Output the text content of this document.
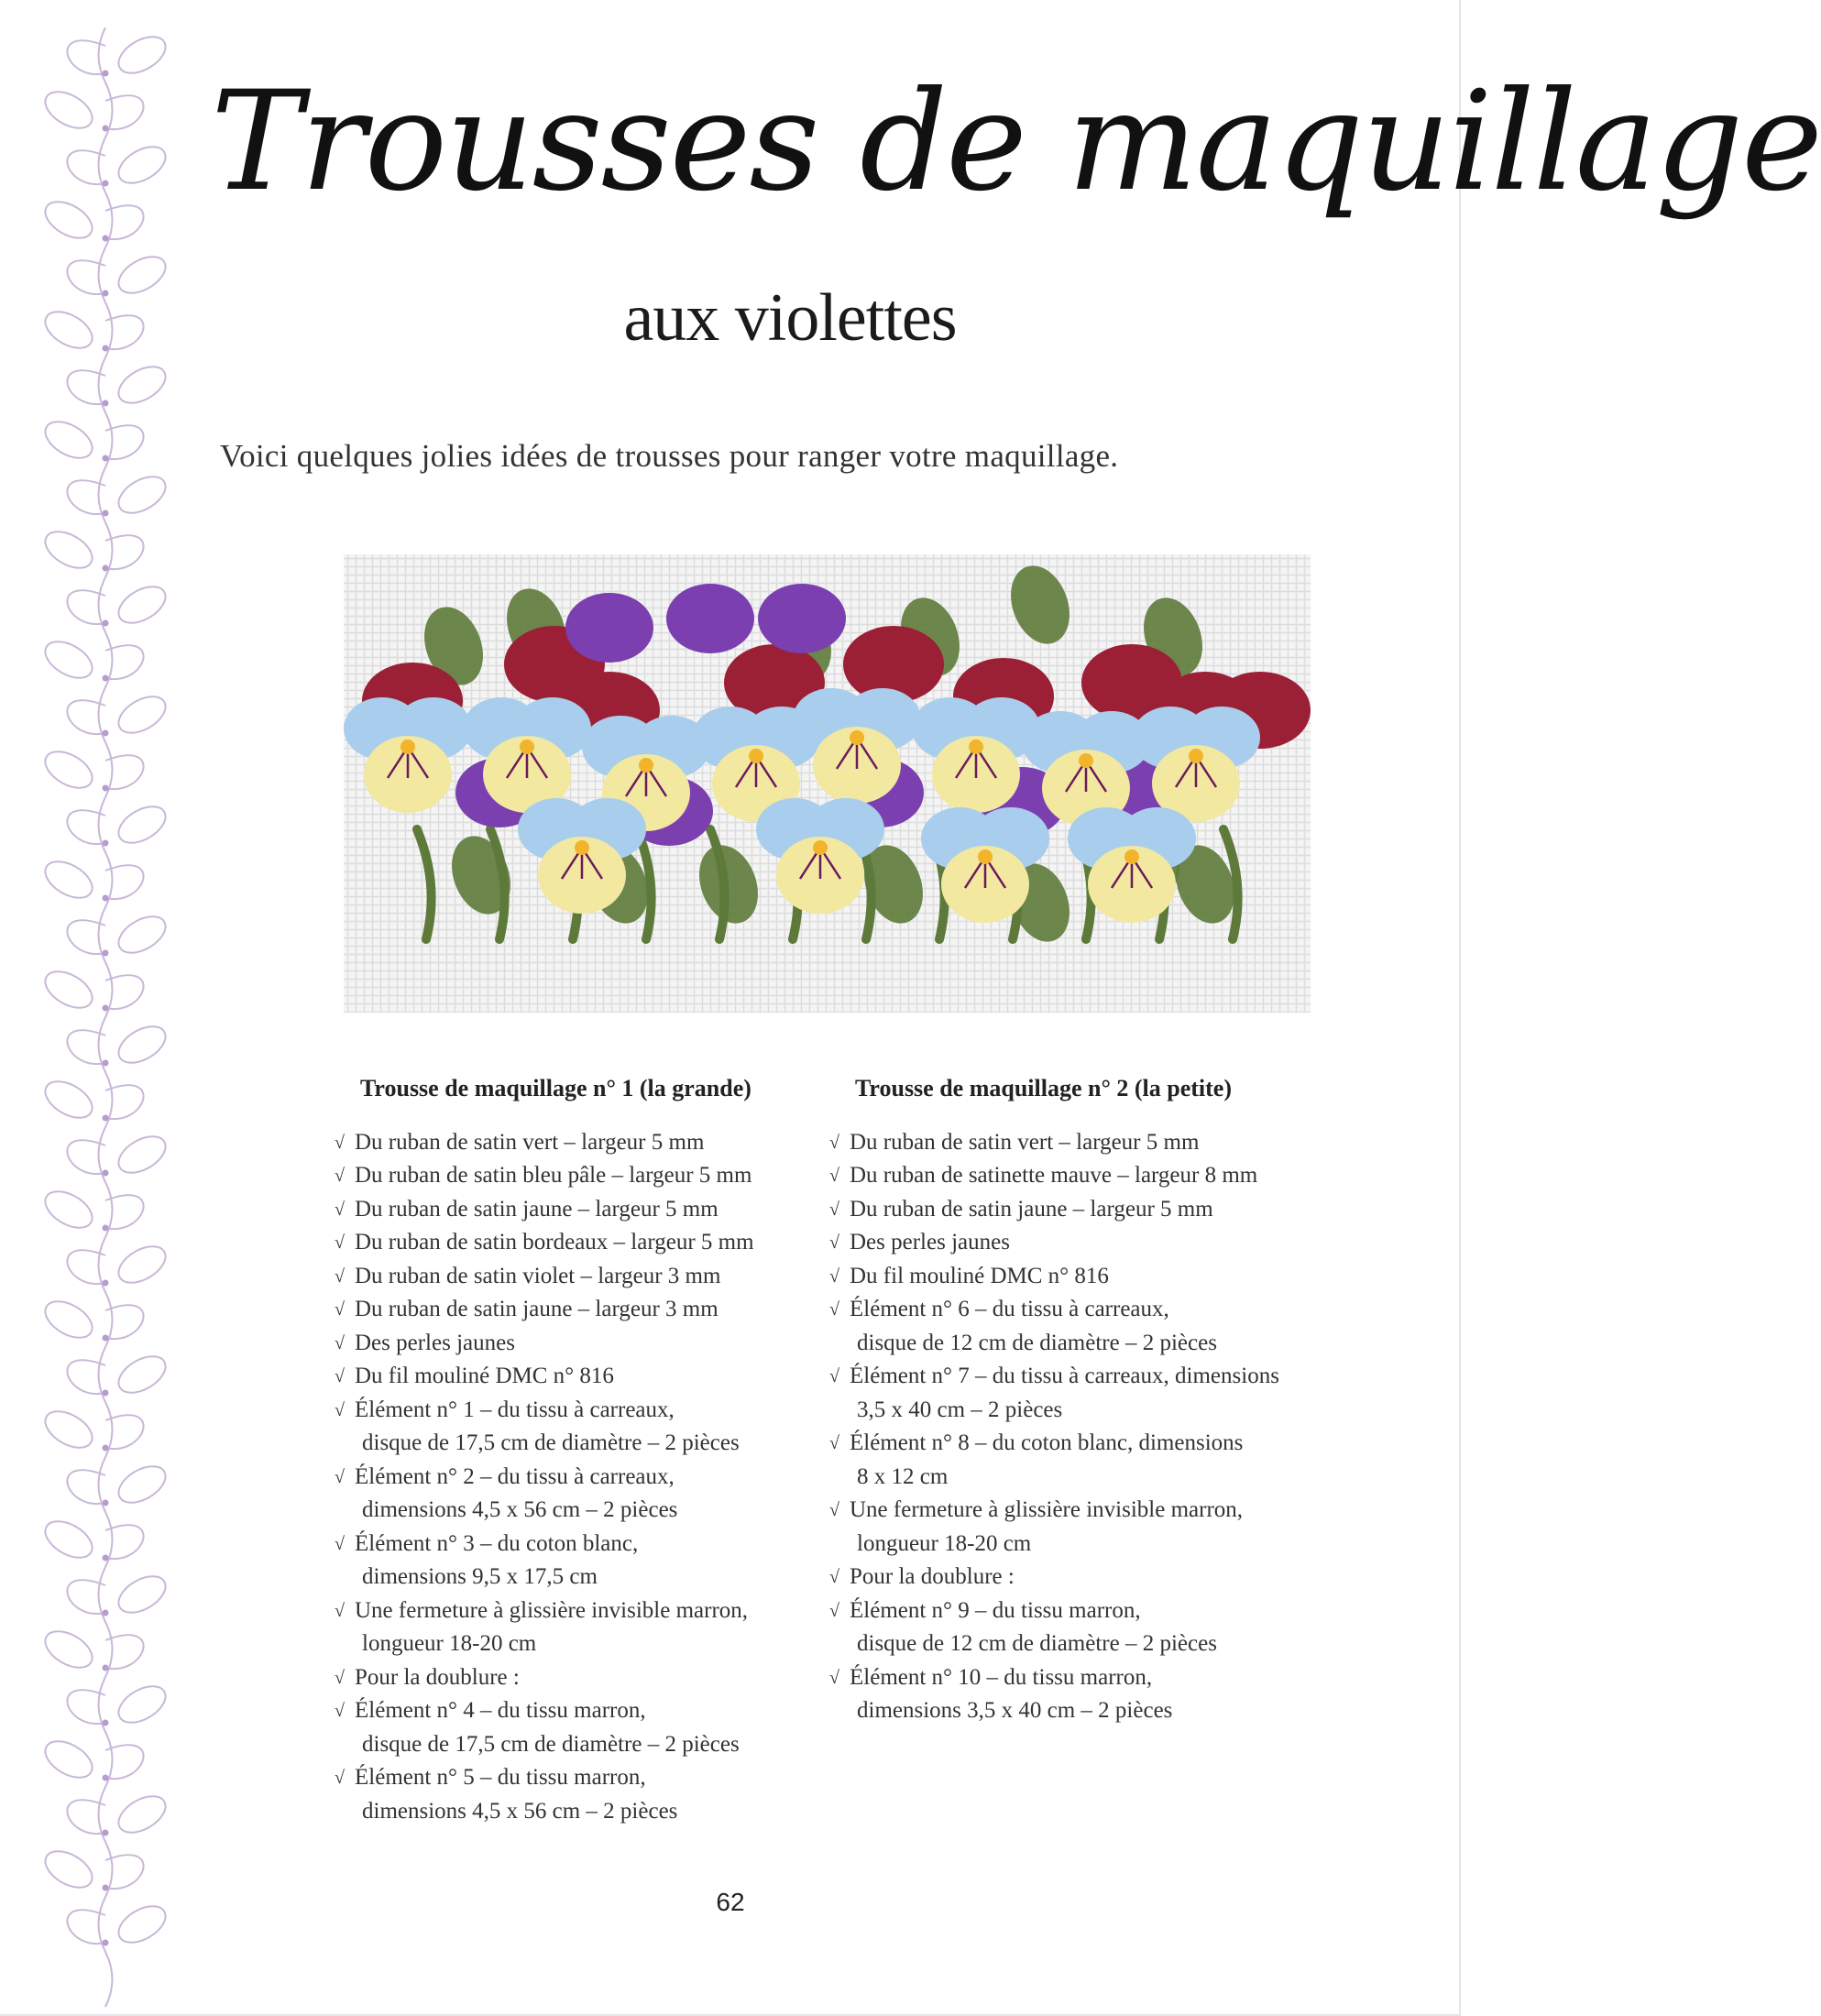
Trousses de maquillage
aux violettes
Voici quelques jolies idées de trousses pour ranger votre maquillage.
Trousse de maquillage n° 1 (la grande)
√ Du ruban de satin vert – largeur 5 mm
√ Du ruban de satin bleu pâle – largeur 5 mm
√ Du ruban de satin jaune – largeur 5 mm
√ Du ruban de satin bordeaux – largeur 5 mm
√ Du ruban de satin violet – largeur 3 mm
√ Du ruban de satin jaune – largeur 3 mm
√ Des perles jaunes
√ Du fil mouliné DMC n° 816
√ Élément n° 1 – du tissu à carreaux,

disque de 17,5 cm de diamètre – 2 pièces
√ Élément n° 2 – du tissu à carreaux,

dimensions 4,5 x 56 cm – 2 pièces
√ Élément n° 3 – du coton blanc,

dimensions 9,5 x 17,5 cm
√ Une fermeture à glissière invisible marron,

longueur 18-20 cm
√ Pour la doublure :
√ Élément n° 4 – du tissu marron,

disque de 17,5 cm de diamètre – 2 pièces
√ Élément n° 5 – du tissu marron,

dimensions 4,5 x 56 cm – 2 pièces
Trousse de maquillage n° 2 (la petite)
√ Du ruban de satin vert – largeur 5 mm
√ Du ruban de satinette mauve – largeur 8 mm
√ Du ruban de satin jaune – largeur 5 mm
√ Des perles jaunes
√ Du fil mouliné DMC n° 816
√ Élément n° 6 – du tissu à carreaux,

disque de 12 cm de diamètre – 2 pièces
√ Élément n° 7 – du tissu à carreaux, dimensions

3,5 x 40 cm – 2 pièces
√ Élément n° 8 – du coton blanc, dimensions

8 x 12 cm
√ Une fermeture à glissière invisible marron,

longueur 18-20 cm
√ Pour la doublure :
√ Élément n° 9 – du tissu marron,

disque de 12 cm de diamètre – 2 pièces
√ Élément n° 10 – du tissu marron,

dimensions 3,5 x 40 cm – 2 pièces
62
